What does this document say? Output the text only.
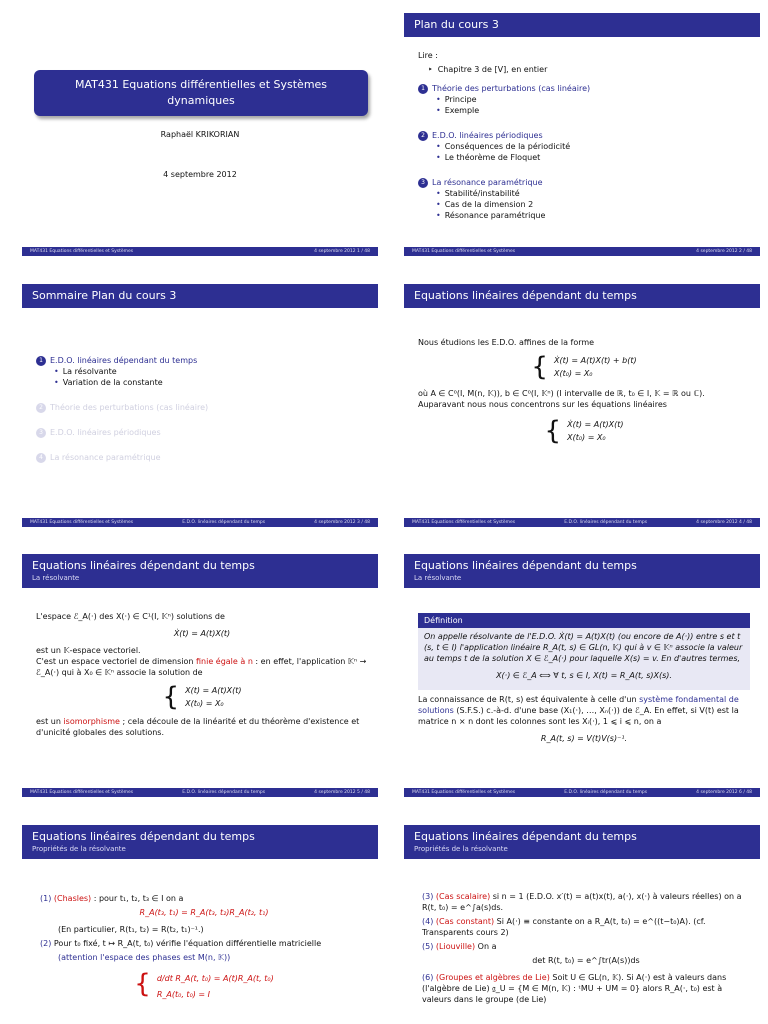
MAT431 Equations différentielles et Systèmes dynamiques
Raphaël KRIKORIAN
4 septembre 2012
MAT431 Equations différentielles et Systèmes	4 septembre 2012 1 / 48
Plan du cours 3
Lire :
‣ Chapitre 3 de [V], en entier
1 Théorie des perturbations (cas linéaire)
• Principe
• Exemple
2 E.D.O. linéaires périodiques
• Conséquences de la périodicité
• Le théorème de Floquet
3 La résonance paramétrique
• Stabilité/instabilité
• Cas de la dimension 2
• Résonance paramétrique
MAT431 Equations différentielles et Systèmes	4 septembre 2012 2 / 48
Sommaire Plan du cours 3
1 E.D.O. linéaires dépendant du temps
• La résolvante
• Variation de la constante
2 Théorie des perturbations (cas linéaire)
3 E.D.O. linéaires périodiques
4 La résonance paramétrique
MAT431 Equations différentielles et Systèmes	E.D.O. linéaires dépendant du temps	4 septembre 2012 3 / 48
Equations linéaires dépendant du temps
Nous étudions les E.D.O. affines de la forme
{ Ẋ(t) = A(t)X(t) + b(t)
X(t₀) = X₀
où A ∈ C⁰(I, M(n, 𝕂)), b ∈ C⁰(I, 𝕂ⁿ) (I intervalle de ℝ, t₀ ∈ I, 𝕂 = ℝ ou ℂ).
Auparavant nous nous concentrons sur les équations linéaires
{ Ẋ(t) = A(t)X(t)
X(t₀) = X₀
MAT431 Equations différentielles et Systèmes	E.D.O. linéaires dépendant du temps	4 septembre 2012 4 / 48
Equations linéaires dépendant du temps
La résolvante
L'espace ℰ_A(·) des X(·) ∈ C¹(I, 𝕂ⁿ) solutions de
Ẋ(t) = A(t)X(t)
est un 𝕂-espace vectoriel.
C'est un espace vectoriel de dimension finie égale à n : en effet, l'application 𝕂ⁿ → ℰ_A(·) qui à X₀ ∈ 𝕂ⁿ associe la solution de
{ X(t) = A(t)X(t)
X(t₀) = X₀
est un isomorphisme ; cela découle de la linéarité et du théorème d'existence et d'unicité globales des solutions.
MAT431 Equations différentielles et Systèmes	E.D.O. linéaires dépendant du temps	4 septembre 2012 5 / 48
Equations linéaires dépendant du temps
La résolvante
Définition
On appelle résolvante de l'E.D.O. Ẋ(t) = A(t)X(t) (ou encore de A(·)) entre s et t (s, t ∈ I) l'application linéaire R_A(t, s) ∈ GL(n, 𝕂) qui à v ∈ 𝕂ⁿ associe la valeur au temps t de la solution X ∈ ℰ_A(·) pour laquelle X(s) = v. En d'autres termes,
X(·) ∈ ℰ_A ⟺ ∀ t, s ∈ I, X(t) = R_A(t, s)X(s).
La connaissance de R(t, s) est équivalente à celle d'un système fondamental de solutions (S.F.S.) c.-à-d. d'une base (X₁(·), …, Xₙ(·)) de ℰ_A. En effet, si V(t) est la matrice n × n dont les colonnes sont les Xᵢ(·), 1 ⩽ i ⩽ n, on a
R_A(t, s) = V(t)V(s)⁻¹.
MAT431 Equations différentielles et Systèmes	E.D.O. linéaires dépendant du temps	4 septembre 2012 6 / 48
Equations linéaires dépendant du temps
Propriétés de la résolvante
(1) (Chasles) : pour t₁, t₂, t₃ ∈ I on a
R_A(t₃, t₁) = R_A(t₃, t₂)R_A(t₂, t₁)
(En particulier, R(t₁, t₂) = R(t₂, t₁)⁻¹.)
(2) Pour t₀ fixé, t ↦ R_A(t, t₀) vérifie l'équation différentielle matricielle
(attention l'espace des phases est M(n, 𝕂))
{ d/dt R_A(t, t₀) = A(t)R_A(t, t₀)
R_A(t₀, t₀) = I
Equations linéaires dépendant du temps
Propriétés de la résolvante
(3) (Cas scalaire) si n = 1 (E.D.O. x′(t) = a(t)x(t), a(·), x(·) à valeurs réelles) on a R(t, t₀) = e^∫a(s)ds.
(4) (Cas constant) Si A(·) ≡ constante on a R_A(t, t₀) = e^((t−t₀)A). (cf. Transparents cours 2)
(5) (Liouville) On a
det R(t, t₀) = e^∫tr(A(s))ds
(6) (Groupes et algèbres de Lie) Soit U ∈ GL(n, 𝕂). Si A(·) est à valeurs dans (l'algèbre de Lie) 𝔤_U = {M ∈ M(n, 𝕂) : ᵗMU + UM = 0} alors R_A(·, t₀) est à valeurs dans le groupe (de Lie)
